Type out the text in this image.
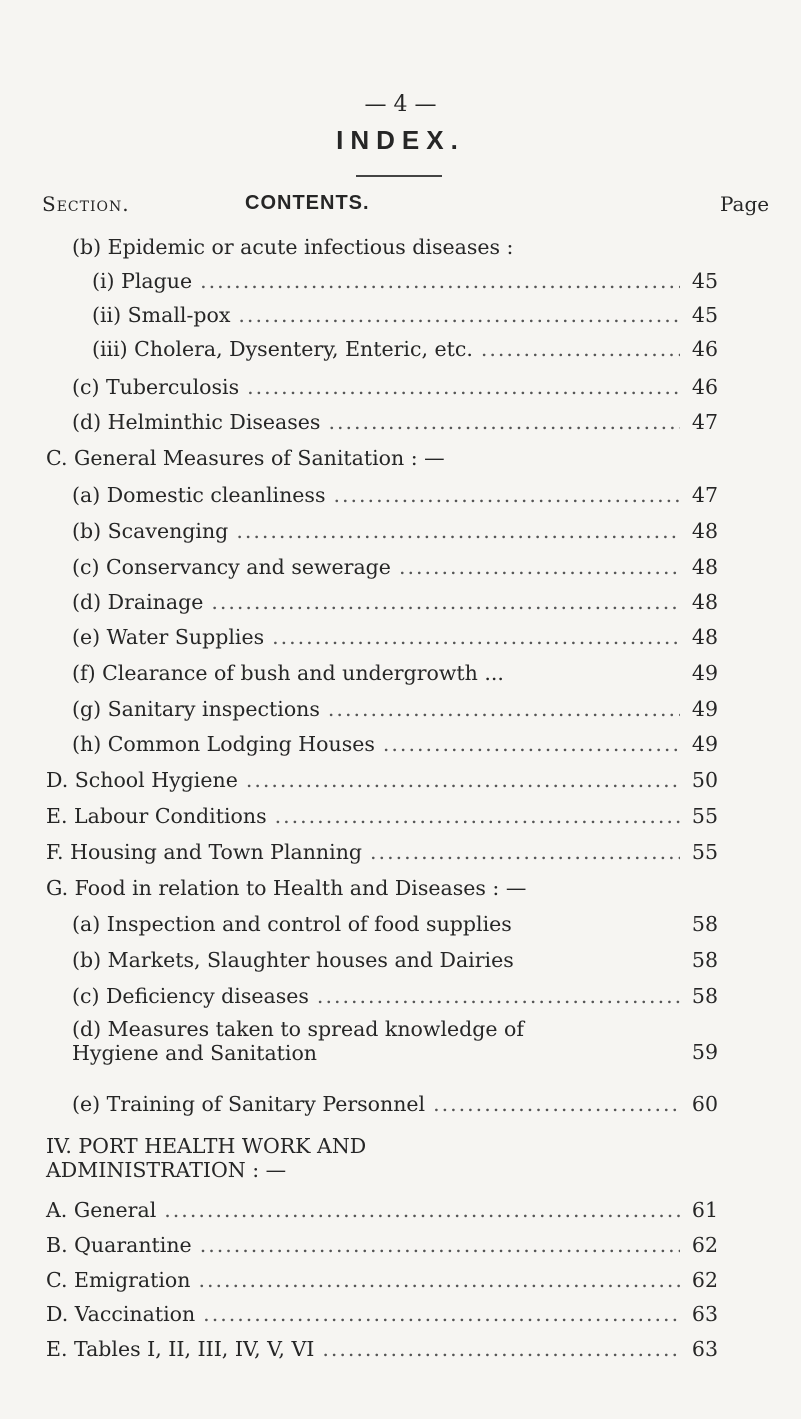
— 4 —
INDEX.
Section.	CONTENTS.	Page
(b) Epidemic or acute infectious diseases :
(i) Plague .....	45
(ii) Small-pox .....	45
(iii) Cholera, Dysentery, Enteric, etc. .....	46
(c) Tuberculosis .....	46
(d) Helminthic Diseases .....	47
C. General Measures of Sanitation : —
(a) Domestic cleanliness .....	47
(b) Scavenging .....	48
(c) Conservancy and sewerage .....	48
(d) Drainage .....	48
(e) Water Supplies .....	48
(f) Clearance of bush and undergrowth ...	49
(g) Sanitary inspections .....	49
(h) Common Lodging Houses .....	49
D. School Hygiene .....	50
E. Labour Conditions .....	55
F. Housing and Town Planning .....	55
G. Food in relation to Health and Diseases : —
(a) Inspection and control of food supplies	58
(b) Markets, Slaughter houses and Dairies	58
(c) Deficiency diseases .....	58
(d) Measures taken to spread knowledge of Hygiene and Sanitation	59
(e) Training of Sanitary Personnel .....	60
IV. PORT HEALTH WORK AND ADMINISTRATION : —
A. General .....	61
B. Quarantine .....	62
C. Emigration .....	62
D. Vaccination .....	63
E. Tables I, II, III, IV, V, VI .....	63
